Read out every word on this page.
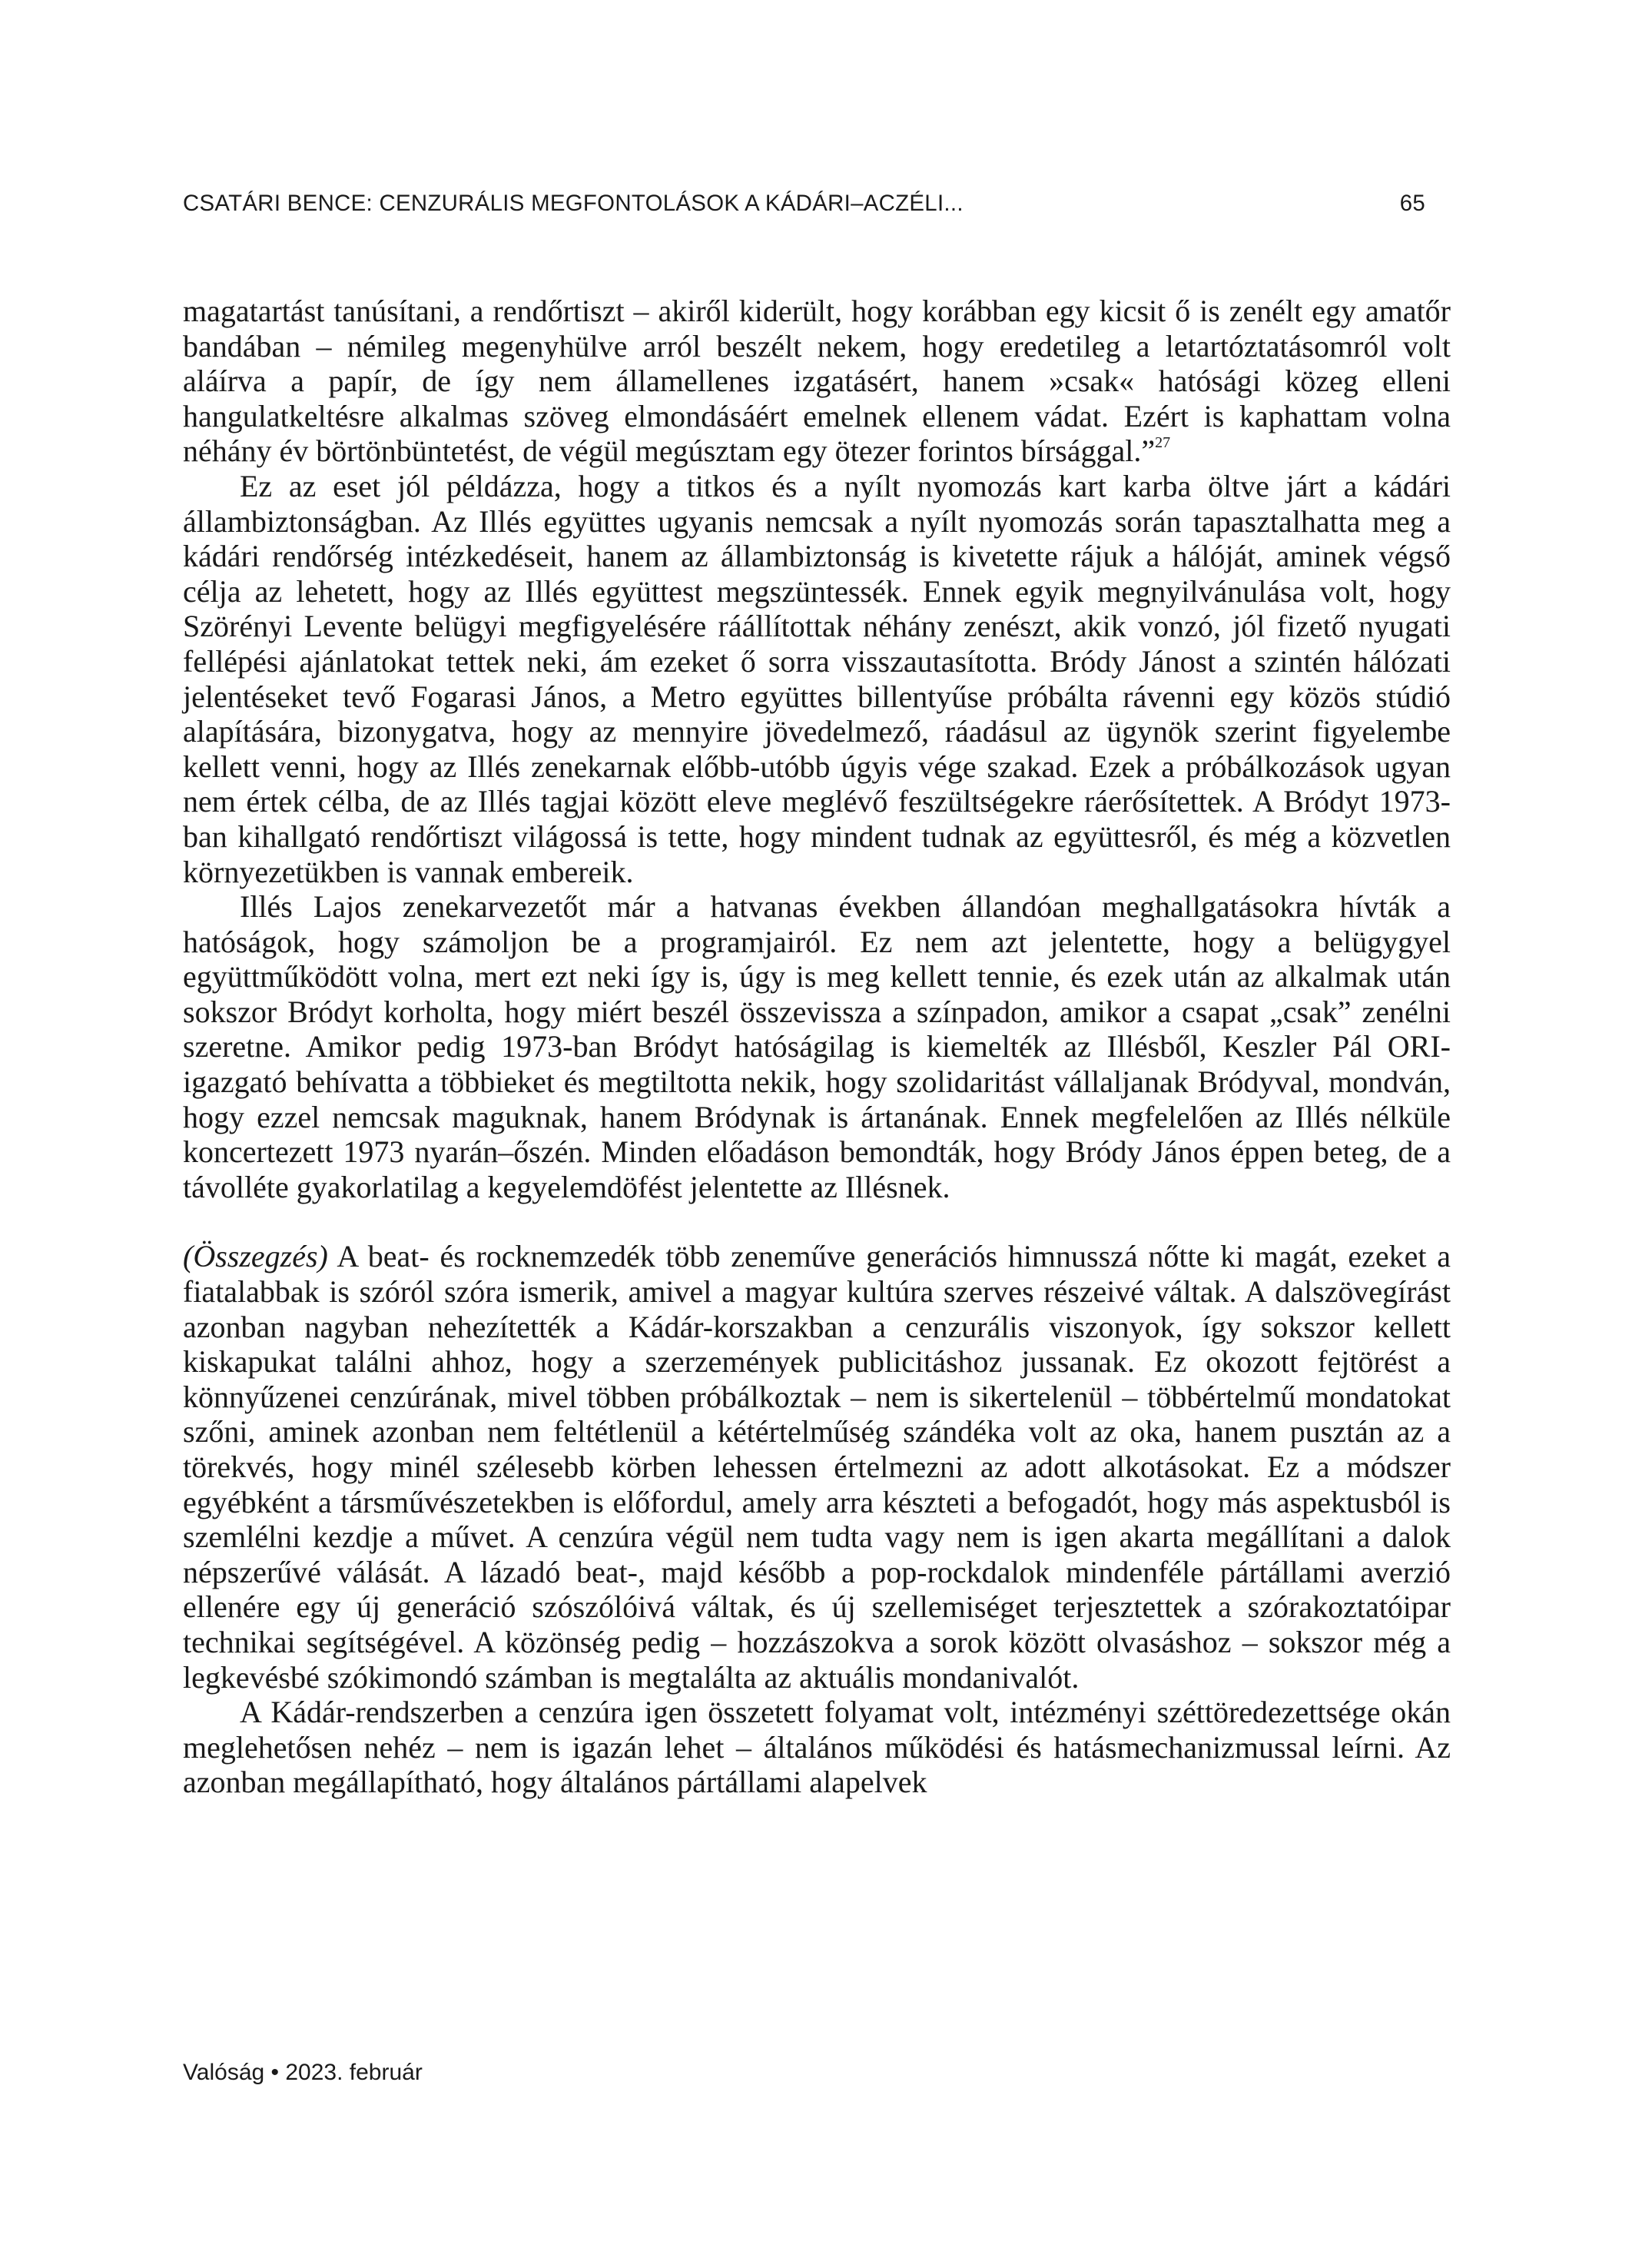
CSATÁRI BENCE: CENZURÁLIS MEGFONTOLÁSOK A KÁDÁRI–ACZÉLI...	65

magatartást tanúsítani, a rendőrtiszt – akiről kiderült, hogy korábban egy kicsit ő is zenélt egy amatőr bandában – némileg megenyhülve arról beszélt nekem, hogy eredetileg a letartóztatásomról volt aláírva a papír, de így nem államellenes izgatásért, hanem »csak« hatósági közeg elleni hangulatkeltésre alkalmas szöveg elmondásáért emelnek ellenem vádat. Ezért is kaphattam volna néhány év börtönbüntetést, de végül megúsztam egy ötezer forintos bírsággal.”$^{27}$

Ez az eset jól példázza, hogy a titkos és a nyílt nyomozás kart karba öltve járt a kádári állambiztonságban. Az Illés együttes ugyanis nemcsak a nyílt nyomozás során tapasztalhatta meg a kádári rendőrség intézkedéseit, hanem az állambiztonság is kivetette rájuk a hálóját, aminek végső célja az lehetett, hogy az Illés együttest megszüntessék. Ennek egyik megnyilvánulása volt, hogy Szörényi Levente belügyi megfigyelésére ráállítottak néhány zenészt, akik vonzó, jól fizető nyugati fellépési ajánlatokat tettek neki, ám ezeket ő sorra visszautasította. Bródy Jánost a szintén hálózati jelentéseket tevő Fogarasi János, a Metro együttes billentyűse próbálta rávenni egy közös stúdió alapítására, bizonygatva, hogy az mennyire jövedelmező, ráadásul az ügynök szerint figyelembe kellett venni, hogy az Illés zenekarnak előbb-utóbb úgyis vége szakad. Ezek a próbálkozások ugyan nem értek célba, de az Illés tagjai között eleve meglévő feszültségekre ráerősítettek. A Bródyt 1973-ban kihallgató rendőrtiszt világossá is tette, hogy mindent tudnak az együttesről, és még a közvetlen környezetükben is vannak embereik.

Illés Lajos zenekarvezetőt már a hatvanas években állandóan meghallgatásokra hívták a hatóságok, hogy számoljon be a programjairól. Ez nem azt jelentette, hogy a belügygyel együttműködött volna, mert ezt neki így is, úgy is meg kellett tennie, és ezek után az alkalmak után sokszor Bródyt korholta, hogy miért beszél összevissza a színpadon, amikor a csapat „csak” zenélni szeretne. Amikor pedig 1973-ban Bródyt hatóságilag is kiemelték az Illésből, Keszler Pál ORI-igazgató behívatta a többieket és megtiltotta nekik, hogy szolidaritást vállaljanak Bródyval, mondván, hogy ezzel nemcsak maguknak, hanem Bródynak is ártanának. Ennek megfelelően az Illés nélküle koncertezett 1973 nyarán–őszén. Minden előadáson bemondták, hogy Bródy János éppen beteg, de a távolléte gyakorlatilag a kegyelemdöfést jelentette az Illésnek.

(Összegzés) A beat- és rocknemzedék több zeneműve generációs himnusszá nőtte ki magát, ezeket a fiatalabbak is szóról szóra ismerik, amivel a magyar kultúra szerves részeivé váltak. A dalszövegírást azonban nagyban nehezítették a Kádár-korszakban a cenzurális viszonyok, így sokszor kellett kiskapukat találni ahhoz, hogy a szerzemények publicitáshoz jussanak. Ez okozott fejtörést a könnyűzenei cenzúrának, mivel többen próbálkoztak – nem is sikertelenül – többértelmű mondatokat szőni, aminek azonban nem feltétlenül a kétértelműség szándéka volt az oka, hanem pusztán az a törekvés, hogy minél szélesebb körben lehessen értelmezni az adott alkotásokat. Ez a módszer egyébként a társművészetekben is előfordul, amely arra készteti a befogadót, hogy más aspektusból is szemlélni kezdje a művet. A cenzúra végül nem tudta vagy nem is igen akarta megállítani a dalok népszerűvé válását. A lázadó beat-, majd később a pop-rockdalok mindenféle pártállami averzió ellenére egy új generáció szószólóivá váltak, és új szellemiséget terjesztettek a szórakoztatóipar technikai segítségével. A közönség pedig – hozzászokva a sorok között olvasáshoz – sokszor még a legkevésbé szókimondó számban is megtalálta az aktuális mondanivalót.

A Kádár-rendszerben a cenzúra igen összetett folyamat volt, intézményi széttöredezettsége okán meglehetősen nehéz – nem is igazán lehet – általános működési és hatásmechanizmussal leírni. Az azonban megállapítható, hogy általános pártállami alapelvek

Valóság • 2023. február
